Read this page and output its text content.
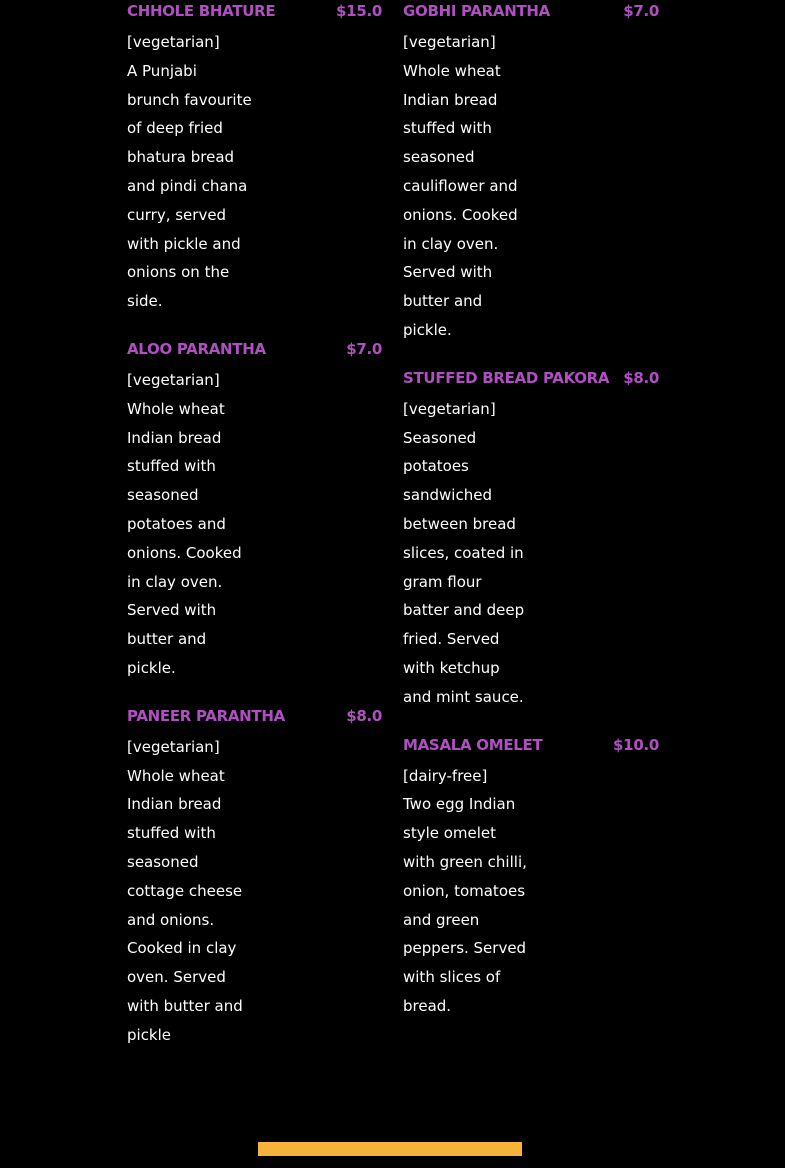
CHHOLE BHATURE	$15.0
[vegetarian]
A Punjabi
brunch favourite
of deep fried
bhatura bread
and pindi chana
curry, served
with pickle and
onions on the
side.
ALOO PARANTHA	$7.0
[vegetarian]
Whole wheat
Indian bread
stuffed with
seasoned
potatoes and
onions. Cooked
in clay oven.
Served with
butter and
pickle.
PANEER PARANTHA	$8.0
[vegetarian]
Whole wheat
Indian bread
stuffed with
seasoned
cottage cheese
and onions.
Cooked in clay
oven. Served
with butter and
pickle
GOBHI PARANTHA	$7.0
[vegetarian]
Whole wheat
Indian bread
stuffed with
seasoned
cauliflower and
onions. Cooked
in clay oven.
Served with
butter and
pickle.
STUFFED BREAD PAKORA $8.0
[vegetarian]
Seasoned
potatoes
sandwiched
between bread
slices, coated in
gram flour
batter and deep
fried. Served
with ketchup
and mint sauce.
MASALA OMELET	$10.0
[dairy-free]
Two egg Indian
style omelet
with green chilli,
onion, tomatoes
and green
peppers. Served
with slices of
bread.
